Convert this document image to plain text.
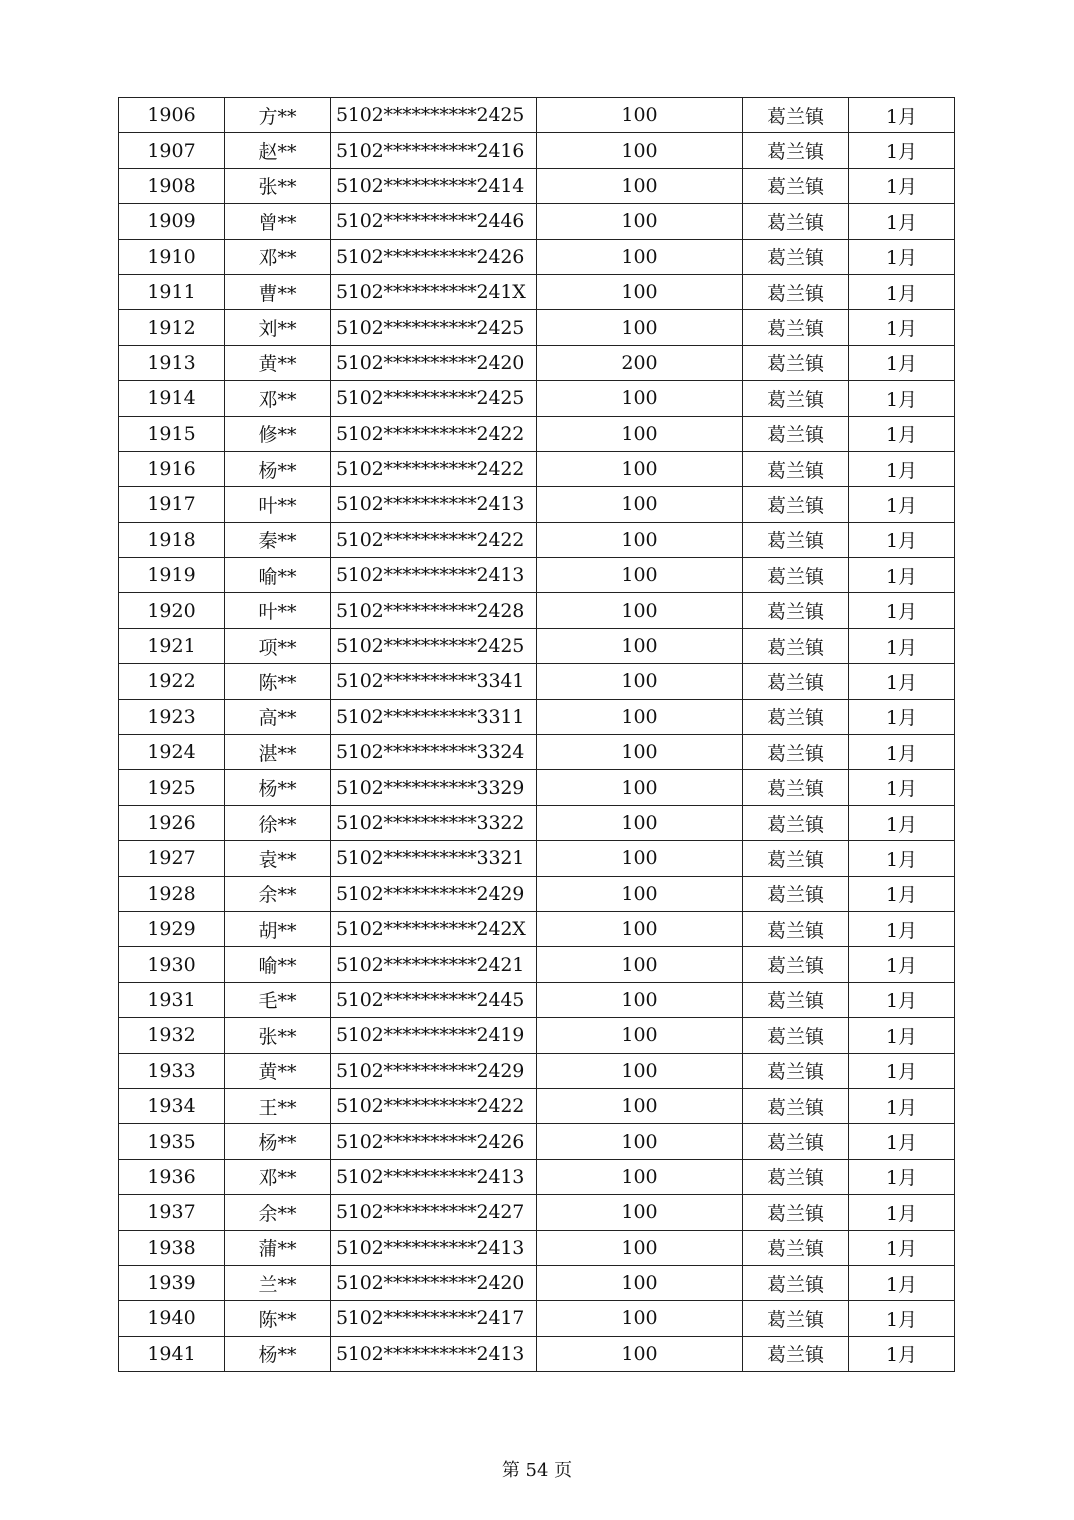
1906	方**	5102**********2425	100	葛兰镇	1月
1907	赵**	5102**********2416	100	葛兰镇	1月
1908	张**	5102**********2414	100	葛兰镇	1月
1909	曾**	5102**********2446	100	葛兰镇	1月
1910	邓**	5102**********2426	100	葛兰镇	1月
1911	曹**	5102**********241X	100	葛兰镇	1月
1912	刘**	5102**********2425	100	葛兰镇	1月
1913	黄**	5102**********2420	200	葛兰镇	1月
1914	邓**	5102**********2425	100	葛兰镇	1月
1915	修**	5102**********2422	100	葛兰镇	1月
1916	杨**	5102**********2422	100	葛兰镇	1月
1917	叶**	5102**********2413	100	葛兰镇	1月
1918	秦**	5102**********2422	100	葛兰镇	1月
1919	喻**	5102**********2413	100	葛兰镇	1月
1920	叶**	5102**********2428	100	葛兰镇	1月
1921	项**	5102**********2425	100	葛兰镇	1月
1922	陈**	5102**********3341	100	葛兰镇	1月
1923	高**	5102**********3311	100	葛兰镇	1月
1924	湛**	5102**********3324	100	葛兰镇	1月
1925	杨**	5102**********3329	100	葛兰镇	1月
1926	徐**	5102**********3322	100	葛兰镇	1月
1927	袁**	5102**********3321	100	葛兰镇	1月
1928	余**	5102**********2429	100	葛兰镇	1月
1929	胡**	5102**********242X	100	葛兰镇	1月
1930	喻**	5102**********2421	100	葛兰镇	1月
1931	毛**	5102**********2445	100	葛兰镇	1月
1932	张**	5102**********2419	100	葛兰镇	1月
1933	黄**	5102**********2429	100	葛兰镇	1月
1934	王**	5102**********2422	100	葛兰镇	1月
1935	杨**	5102**********2426	100	葛兰镇	1月
1936	邓**	5102**********2413	100	葛兰镇	1月
1937	余**	5102**********2427	100	葛兰镇	1月
1938	蒲**	5102**********2413	100	葛兰镇	1月
1939	兰**	5102**********2420	100	葛兰镇	1月
1940	陈**	5102**********2417	100	葛兰镇	1月
1941	杨**	5102**********2413	100	葛兰镇	1月
第 54 页
